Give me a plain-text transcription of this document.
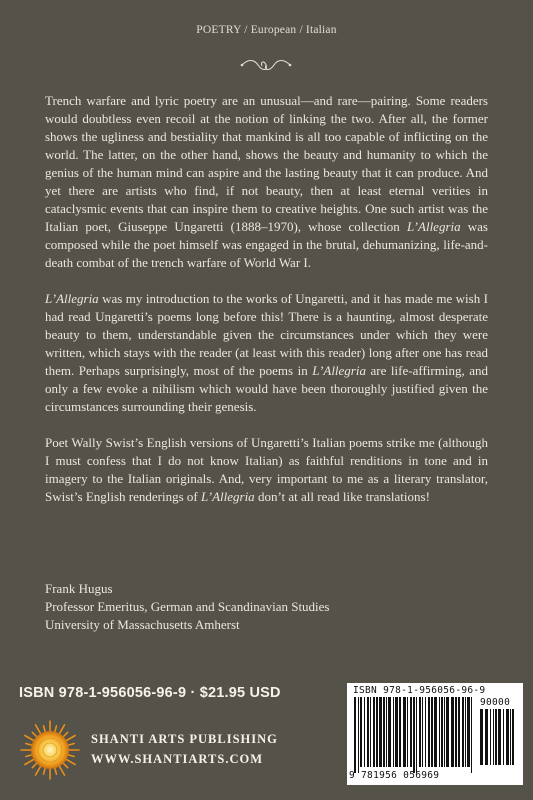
POETRY / European / Italian

Trench warfare and lyric poetry are an unusual—and rare—pairing. Some readers would doubtless even recoil at the notion of linking the two. After all, the former shows the ugliness and bestiality that mankind is all too capable of inflicting on the world. The latter, on the other hand, shows the beauty and humanity to which the genius of the human mind can aspire and the lasting beauty that it can produce. And yet there are artists who find, if not beauty, then at least eternal verities in cataclysmic events that can inspire them to creative heights. One such artist was the Italian poet, Giuseppe Ungaretti (1888–1970), whose collection L’Allegria was composed while the poet himself was engaged in the brutal, dehumanizing, life-and-death combat of the trench warfare of World War I.

L’Allegria was my introduction to the works of Ungaretti, and it has made me wish I had read Ungaretti’s poems long before this! There is a haunting, almost desperate beauty to them, understandable given the circumstances under which they were written, which stays with the reader (at least with this reader) long after one has read them. Perhaps surprisingly, most of the poems in L’Allegria are life-affirming, and only a few evoke a nihilism which would have been thoroughly justified given the circumstances surrounding their genesis.

Poet Wally Swist’s English versions of Ungaretti’s Italian poems strike me (although I must confess that I do not know Italian) as faithful renditions in tone and in imagery to the Italian originals. And, very important to me as a literary translator, Swist’s English renderings of L’Allegria don’t at all read like translations!

Frank Hugus

Professor Emeritus, German and Scandinavian Studies

University of Massachusetts Amherst

ISBN 978-1-956056-96-9 · $21.95 USD
SHANTI ARTS PUBLISHING
WWW.SHANTIARTS.COM
ISBN 978-1-956056-96-9
90000
9 781956 056969
